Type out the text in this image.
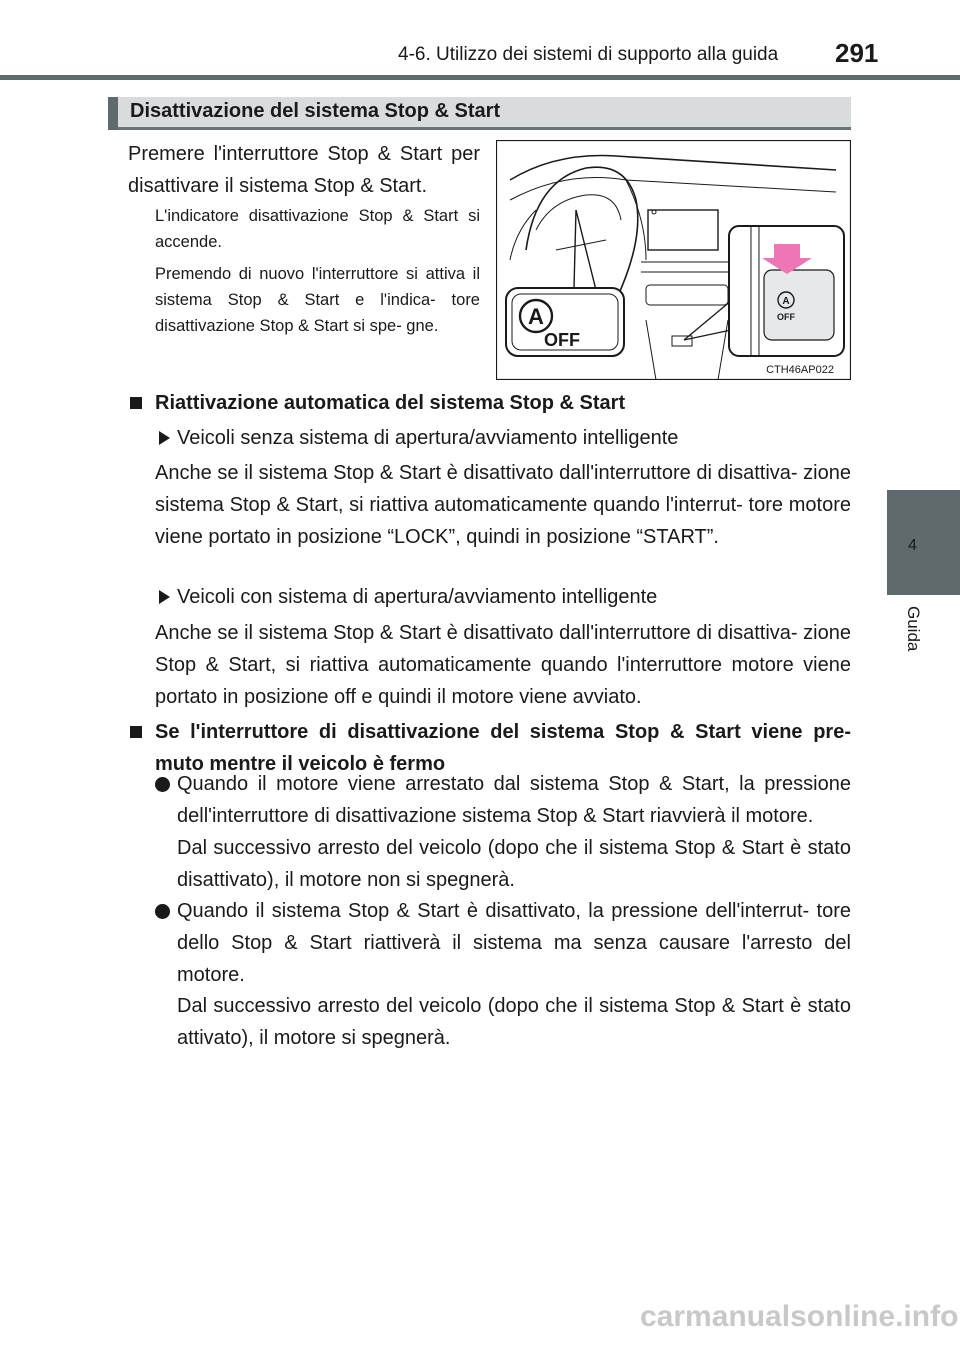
4-6. Utilizzo dei sistemi di supporto alla guida 291
4
Guida
Disattivazione del sistema Stop & Start
Premere l'interruttore Stop & Start per disattivare il sistema Stop & Start.
L'indicatore disattivazione Stop & Start si accende.
Premendo di nuovo l'interruttore si attiva il sistema Stop & Start e l'indica- tore disattivazione Stop & Start si spe- gne.	A
OFF
A
OFF
CTH46AP022
Riattivazione automatica del sistema Stop & Start
Veicoli senza sistema di apertura/avviamento intelligente
Anche se il sistema Stop & Start è disattivato dall'interruttore di disattiva- zione sistema Stop & Start, si riattiva automaticamente quando l'interrut- tore motore viene portato in posizione “LOCK”, quindi in posizione “START”.
Veicoli con sistema di apertura/avviamento intelligente
Anche se il sistema Stop & Start è disattivato dall'interruttore di disattiva- zione Stop & Start, si riattiva automaticamente quando l'interruttore motore viene portato in posizione off e quindi il motore viene avviato.
Se l'interruttore di disattivazione del sistema Stop & Start viene pre- muto mentre il veicolo è fermo
Quando il motore viene arrestato dal sistema Stop & Start, la pressione dell'interruttore di disattivazione sistema Stop & Start riavvierà il motore.
Dal successivo arresto del veicolo (dopo che il sistema Stop & Start è stato disattivato), il motore non si spegnerà.
Quando il sistema Stop & Start è disattivato, la pressione dell'interrut- tore dello Stop & Start riattiverà il sistema ma senza causare l'arresto del motore.
Dal successivo arresto del veicolo (dopo che il sistema Stop & Start è stato attivato), il motore si spegnerà.
carmanualsonline.info
